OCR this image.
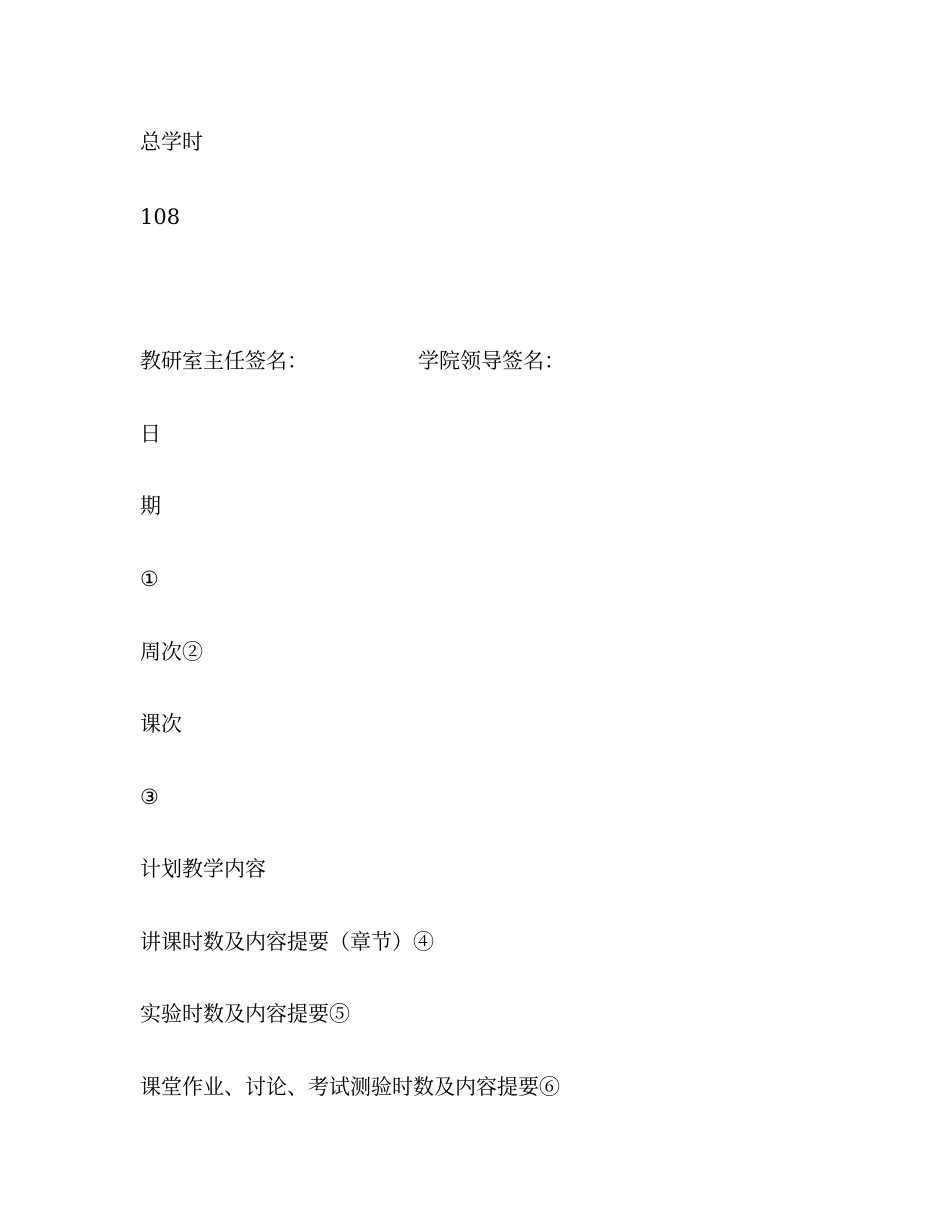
总学时
108
教研室主任签名：	学院领导签名：
日
期
①
周次②
课次
③
计划教学内容
讲课时数及内容提要（章节）④
实验时数及内容提要⑤
课堂作业、讨论、考试测验时数及内容提要⑥
